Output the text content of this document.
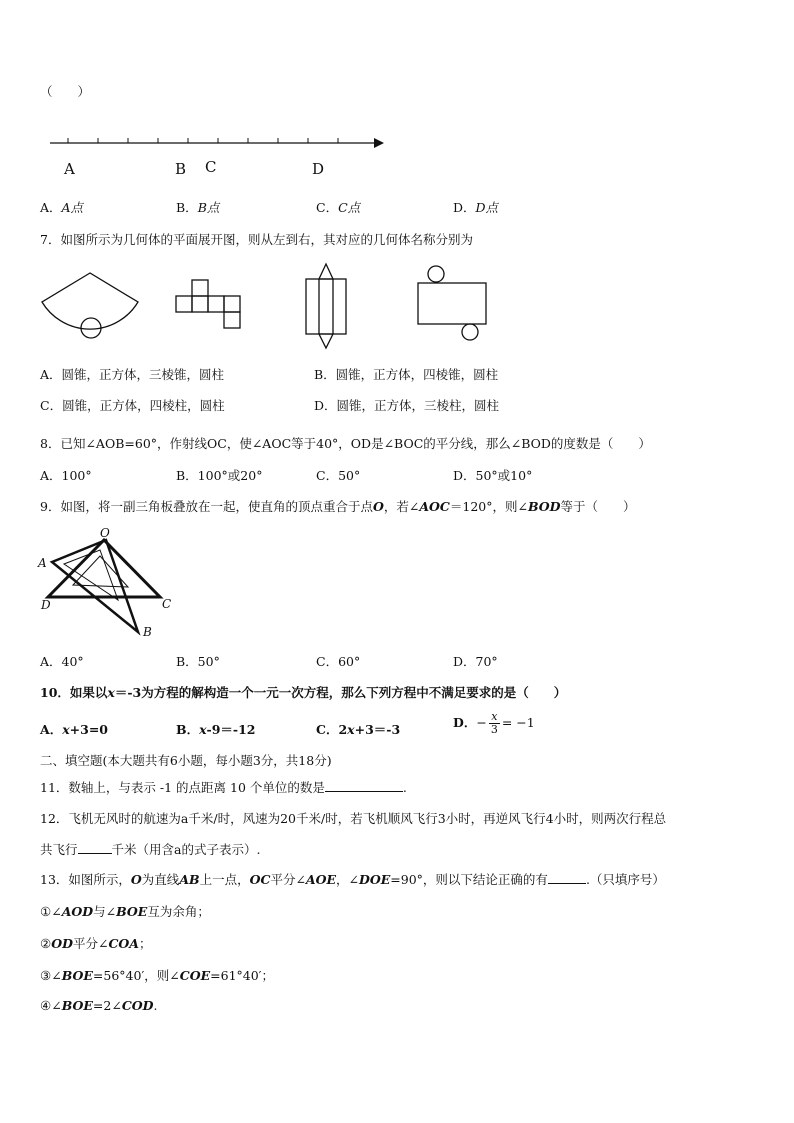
（　　）
A	B C	D
A．A点	B．B点	C．C点	D．D点
7．如图所示为几何体的平面展开图，则从左到右，其对应的几何体名称分别为
A．圆锥，正方体，三棱锥，圆柱	B．圆锥，正方体，四棱锥，圆柱
C．圆锥，正方体，四棱柱，圆柱	D．圆锥，正方体，三棱柱，圆柱
8．已知∠AOB=60°，作射线OC，使∠AOC等于40°，OD是∠BOC的平分线，那么∠BOD的度数是（　　）
A．100°	B．100°或20°	C．50°	D．50°或10°
9．如图，将一副三角板叠放在一起，使直角的顶点重合于点O，若∠AOC＝120°，则∠BOD等于（　　）
O
A
D	C
B
A．40°	B．50°	C．60°	D．70°
10．如果以x＝-3为方程的解构造一个一元一次方程，那么下列方程中不满足要求的是（　　）
A．x+3=0	B．x-9＝-12	C．2x+3＝-3	D．− $\frac{x}{3} = -1$
二、填空题(本大题共有6小题，每小题3分，共18分)
11．数轴上，与表示 -1 的点距离 10 个单位的数是	.
12．飞机无风时的航速为a千米/时，风速为20千米/时，若飞机顺风飞行3小时，再逆风飞行4小时，则两次行程总
共飞行	千米（用含a的式子表示）.
13．如图所示，O为直线AB上一点，OC平分∠AOE，∠DOE=90°，则以下结论正确的有	.（只填序号）
①∠AOD与∠BOE互为余角；
②OD平分∠COA；
③∠BOE=56°40′，则∠COE=61°40′；
④∠BOE=2∠COD.
